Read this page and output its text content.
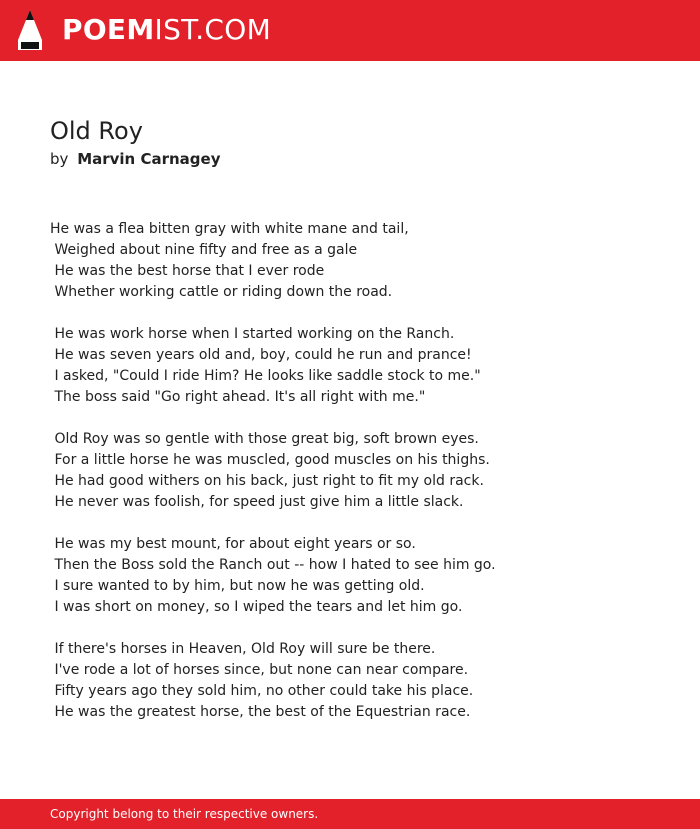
POEMIST.COM
Old Roy
by Marvin Carnagey
He was a flea bitten gray with white mane and tail,
Weighed about nine fifty and free as a gale
He was the best horse that I ever rode
Whether working cattle or riding down the road.
He was work horse when I started working on the Ranch.
He was seven years old and, boy, could he run and prance!
I asked, "Could I ride Him? He looks like saddle stock to me."
The boss said "Go right ahead. It's all right with me."
Old Roy was so gentle with those great big, soft brown eyes.
For a little horse he was muscled, good muscles on his thighs.
He had good withers on his back, just right to fit my old rack.
He never was foolish, for speed just give him a little slack.
He was my best mount, for about eight years or so.
Then the Boss sold the Ranch out -- how I hated to see him go.
I sure wanted to by him, but now he was getting old.
I was short on money, so I wiped the tears and let him go.
If there's horses in Heaven, Old Roy will sure be there.
I've rode a lot of horses since, but none can near compare.
Fifty years ago they sold him, no other could take his place.
He was the greatest horse, the best of the Equestrian race.
Copyright belong to their respective owners.
